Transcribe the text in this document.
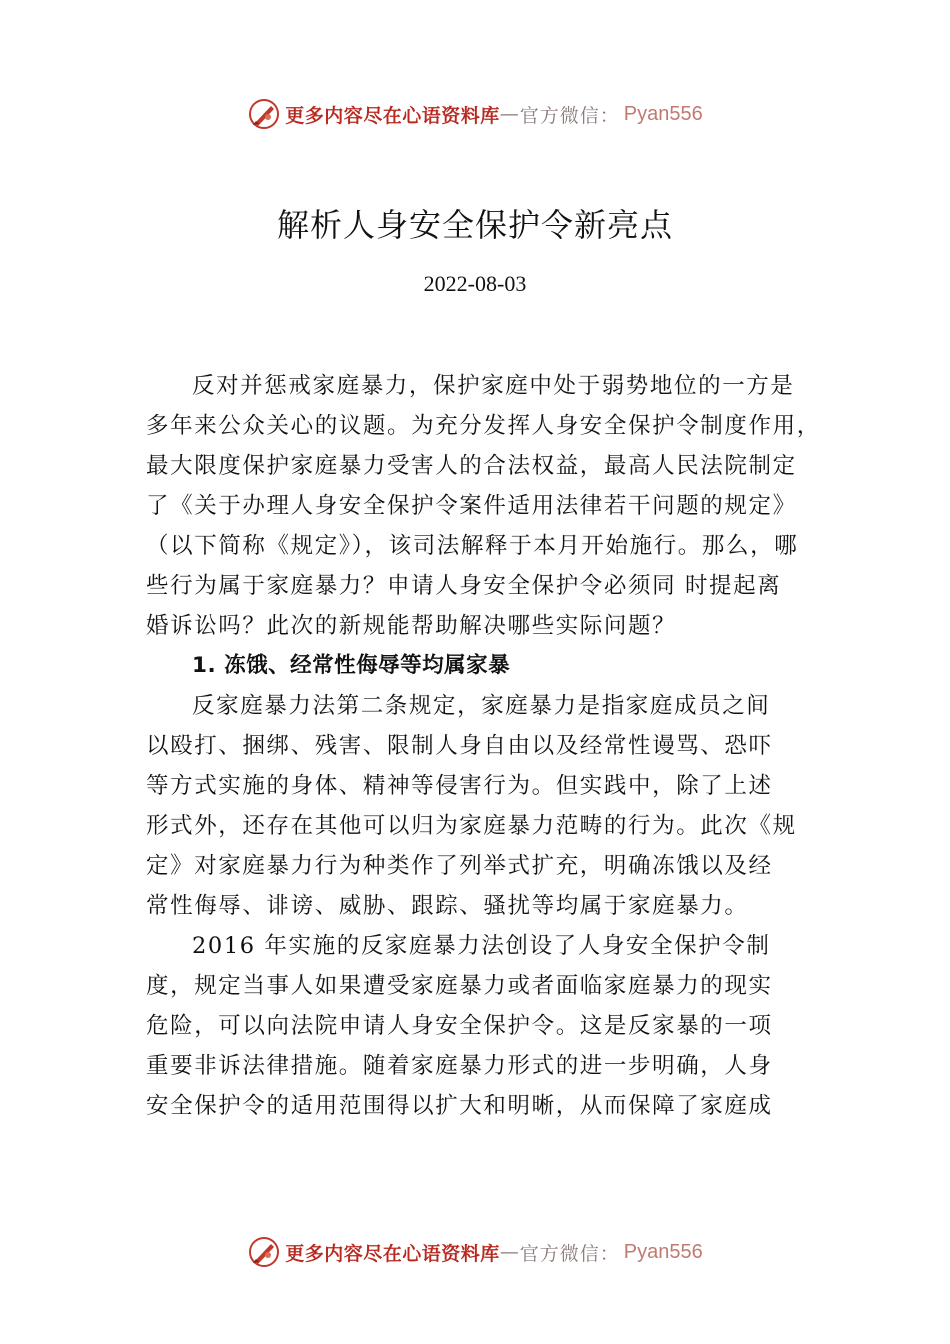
更多内容尽在心语资料库 — 官方微信： Pyan556
解析人身安全保护令新亮点
2022-08-03
反对并惩戒家庭暴力，保护家庭中处于弱势地位的一方是
多年来公众关心的议题。为充分发挥人身安全保护令制度作用，
最大限度保护家庭暴力受害人的合法权益，最高人民法院制定
了《关于办理人身安全保护令案件适用法律若干问题的规定》
（以下简称《规定》），该司法解释于本月开始施行。那么，哪
些行为属于家庭暴力？申请人身安全保护令必须同 时提起离
婚诉讼吗？此次的新规能帮助解决哪些实际问题？
1. 冻饿、经常性侮辱等均属家暴
反家庭暴力法第二条规定，家庭暴力是指家庭成员之间
以殴打、捆绑、残害、限制人身自由以及经常性谩骂、恐吓
等方式实施的身体、精神等侵害行为。但实践中，除了上述
形式外，还存在其他可以归为家庭暴力范畴的行为。此次《规
定》对家庭暴力行为种类作了列举式扩充，明确冻饿以及经
常性侮辱、诽谤、威胁、跟踪、骚扰等均属于家庭暴力。
2016 年实施的反家庭暴力法创设了人身安全保护令制
度，规定当事人如果遭受家庭暴力或者面临家庭暴力的现实
危险，可以向法院申请人身安全保护令。这是反家暴的一项
重要非诉法律措施。随着家庭暴力形式的进一步明确，人身
安全保护令的适用范围得以扩大和明晰，从而保障了家庭成
更多内容尽在心语资料库 — 官方微信： Pyan556
